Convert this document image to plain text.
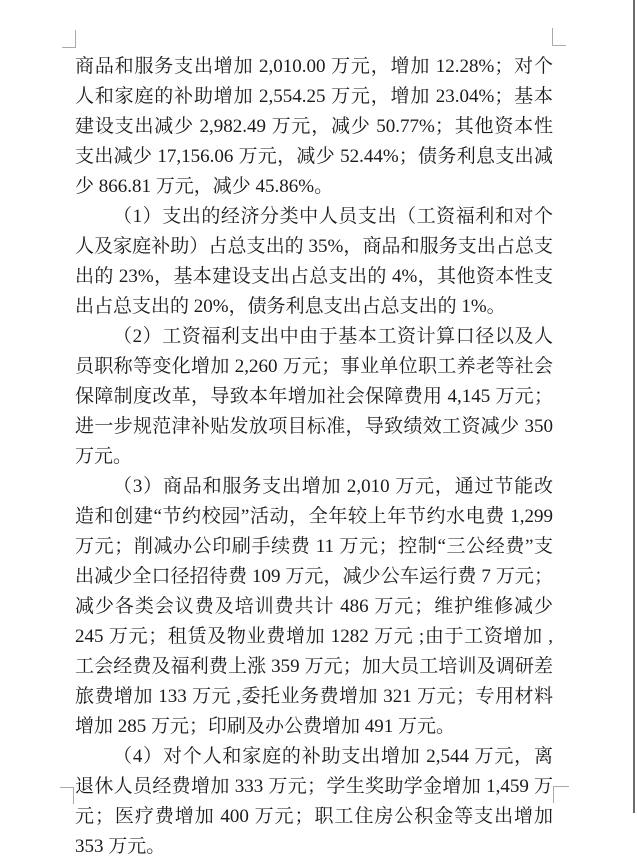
商品和服务支出增加 2,010.00 万元，增加 12.28%；对个人和家庭的补助增加 2,554.25 万元，增加 23.04%；基本建设支出减少 2,982.49 万元，减少 50.77%；其他资本性支出减少 17,156.06 万元，减少 52.44%；债务利息支出减少 866.81 万元，减少 45.86%。

（1）支出的经济分类中人员支出（工资福利和对个人及家庭补助）占总支出的 35%，商品和服务支出占总支出的 23%，基本建设支出占总支出的 4%，其他资本性支出占总支出的 20%，债务利息支出占总支出的 1%。

（2）工资福利支出中由于基本工资计算口径以及人员职称等变化增加 2,260 万元；事业单位职工养老等社会保障制度改革，导致本年增加社会保障费用 4,145 万元；进一步规范津补贴发放项目标准，导致绩效工资减少 350 万元。

（3）商品和服务支出增加 2,010 万元，通过节能改造和创建“节约校园”活动，全年较上年节约水电费 1,299 万元；削减办公印刷手续费 11 万元；控制“三公经费”支出减少全口径招待费 109 万元，减少公车运行费 7 万元；减少各类会议费及培训费共计 486 万元；维护维修减少 245 万元；租赁及物业费增加 1282 万元 ;由于工资增加 ,工会经费及福利费上涨 359 万元；加大员工培训及调研差旅费增加 133 万元 ,委托业务费增加 321 万元；专用材料增加 285 万元；印刷及办公费增加 491 万元。

（4）对个人和家庭的补助支出增加 2,544 万元，离退休人员经费增加 333 万元；学生奖助学金增加 1,459 万元；医疗费增加 400 万元；职工住房公积金等支出增加 353 万元。
